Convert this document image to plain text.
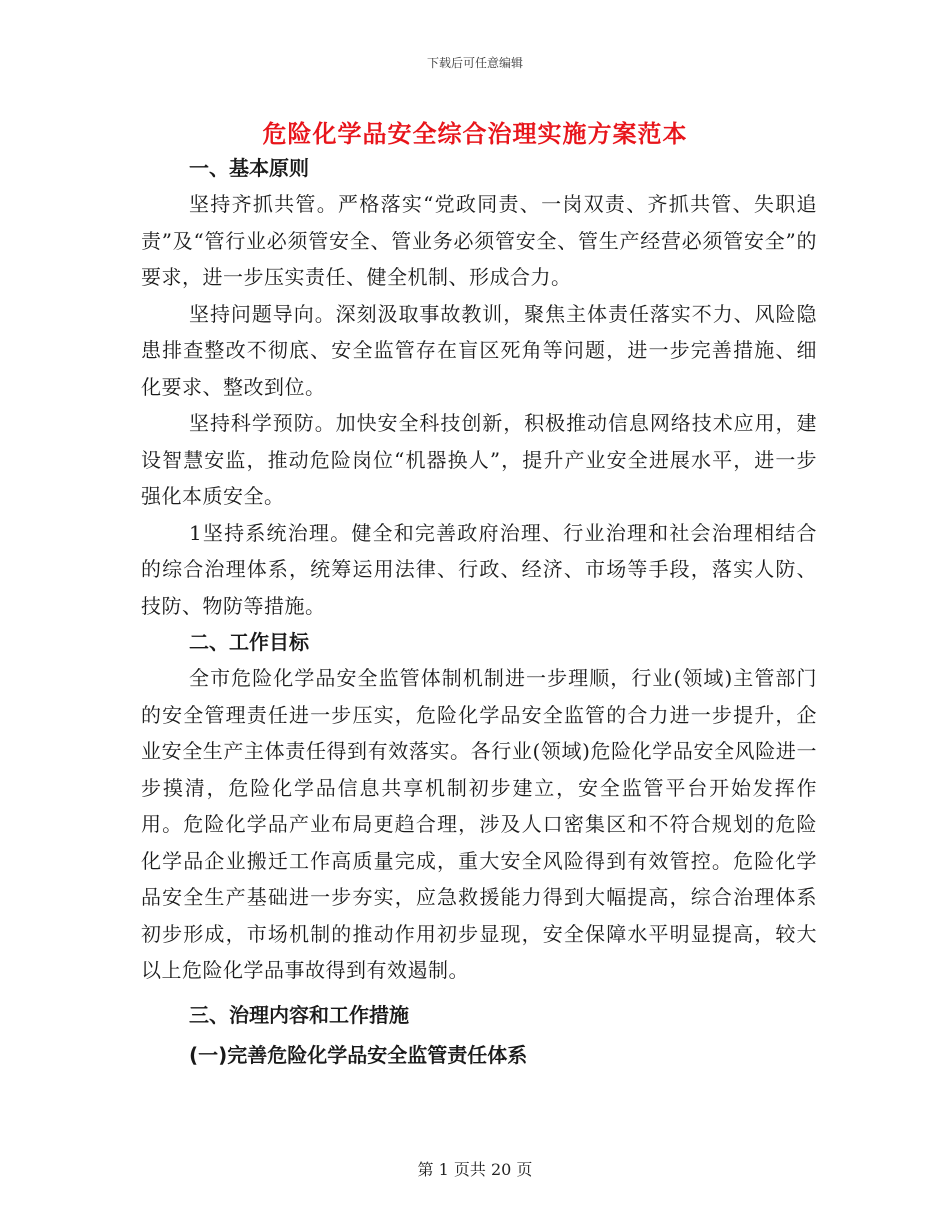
下载后可任意编辑
危险化学品安全综合治理实施方案范本

一、基本原则

坚持齐抓共管。严格落实“党政同责、一岗双责、齐抓共管、失职追责”及“管行业必须管安全、管业务必须管安全、管生产经营必须管安全”的要求，进一步压实责任、健全机制、形成合力。

坚持问题导向。深刻汲取事故教训，聚焦主体责任落实不力、风险隐患排查整改不彻底、安全监管存在盲区死角等问题，进一步完善措施、细化要求、整改到位。

坚持科学预防。加快安全科技创新，积极推动信息网络技术应用，建设智慧安监，推动危险岗位“机器换人”，提升产业安全进展水平，进一步强化本质安全。

1坚持系统治理。健全和完善政府治理、行业治理和社会治理相结合的综合治理体系，统筹运用法律、行政、经济、市场等手段，落实人防、技防、物防等措施。

二、工作目标

全市危险化学品安全监管体制机制进一步理顺，行业(领域)主管部门的安全管理责任进一步压实，危险化学品安全监管的合力进一步提升，企业安全生产主体责任得到有效落实。各行业(领域)危险化学品安全风险进一步摸清，危险化学品信息共享机制初步建立，安全监管平台开始发挥作用。危险化学品产业布局更趋合理，涉及人口密集区和不符合规划的危险化学品企业搬迁工作高质量完成，重大安全风险得到有效管控。危险化学品安全生产基础进一步夯实，应急救援能力得到大幅提高，综合治理体系初步形成，市场机制的推动作用初步显现，安全保障水平明显提高，较大以上危险化学品事故得到有效遏制。

三、治理内容和工作措施

(一)完善危险化学品安全监管责任体系

第 1 页共 20 页
